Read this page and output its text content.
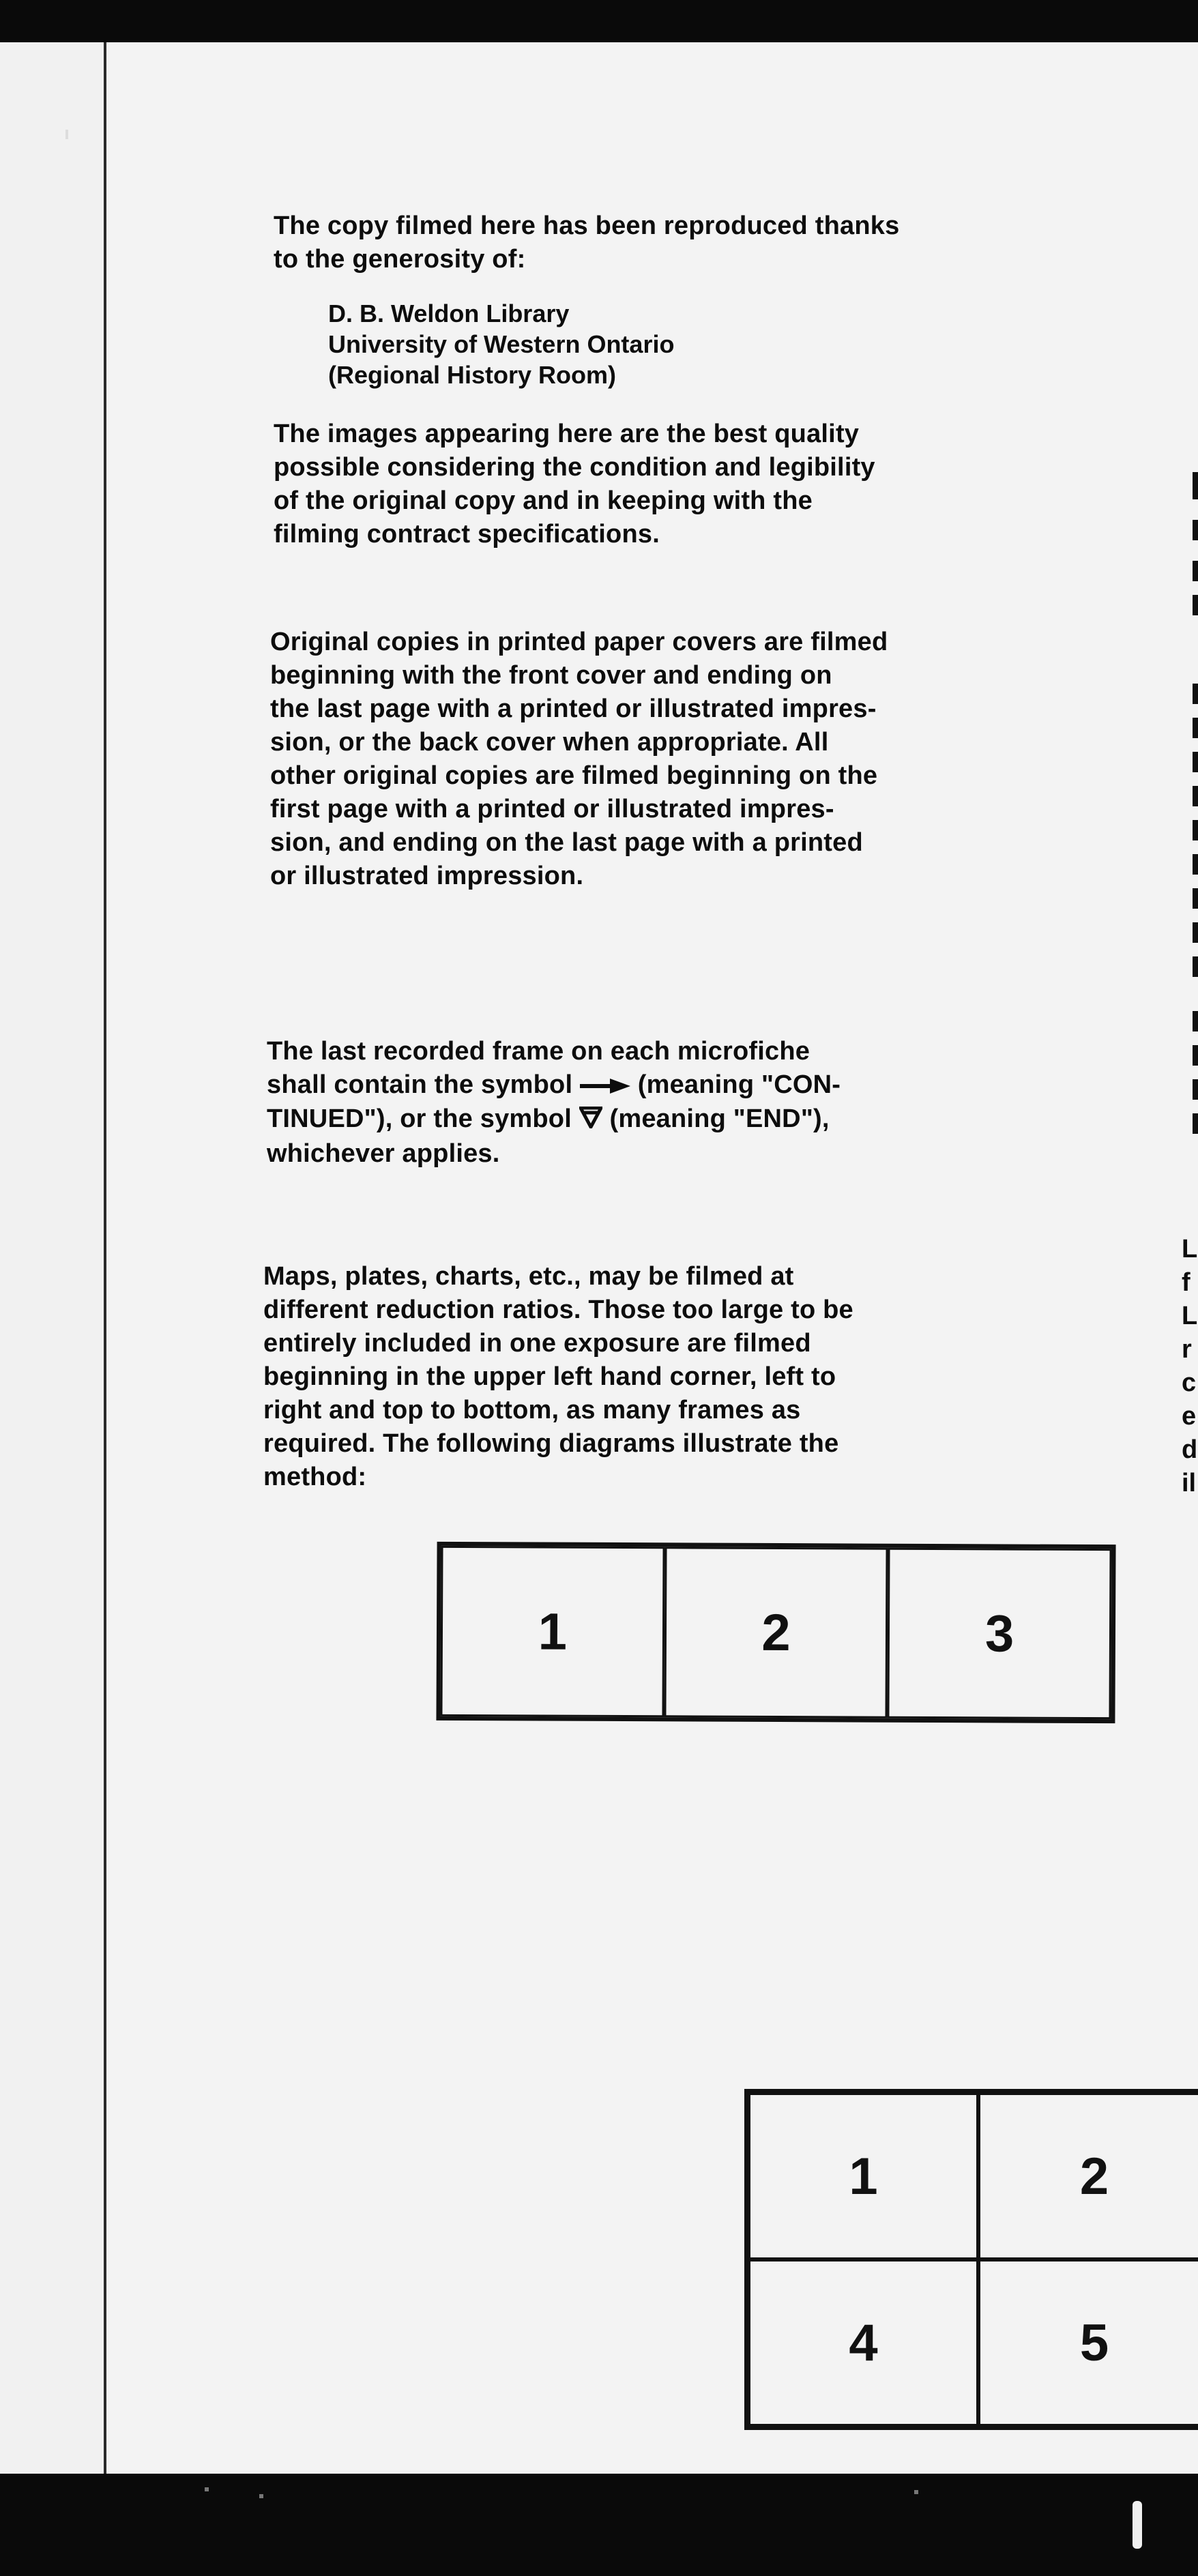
The copy filmed here has been reproduced thanks
to the generosity of:

D. B. Weldon Library

University of Western Ontario

(Regional History Room)

The images appearing here are the best quality
possible considering the condition and legibility
of the original copy and in keeping with the
filming contract specifications.

Original copies in printed paper covers are filmed
beginning with the front cover and ending on
the last page with a printed or illustrated impres-
sion, or the back cover when appropriate. All
other original copies are filmed beginning on the
first page with a printed or illustrated impres-
sion, and ending on the last page with a printed
or illustrated impression.

The last recorded frame on each microfiche
shall contain the symbol  (meaning "CON-
TINUED"), or the symbol  (meaning "END"),
whichever applies.

Maps, plates, charts, etc., may be filmed at
different reduction ratios. Those too large to be
entirely included in one exposure are filmed
beginning in the upper left hand corner, left to
right and top to bottom, as many frames as
required. The following diagrams illustrate the
method:

1	2	3
1	2
4	5
L
f
L
r
c
e
d
il
